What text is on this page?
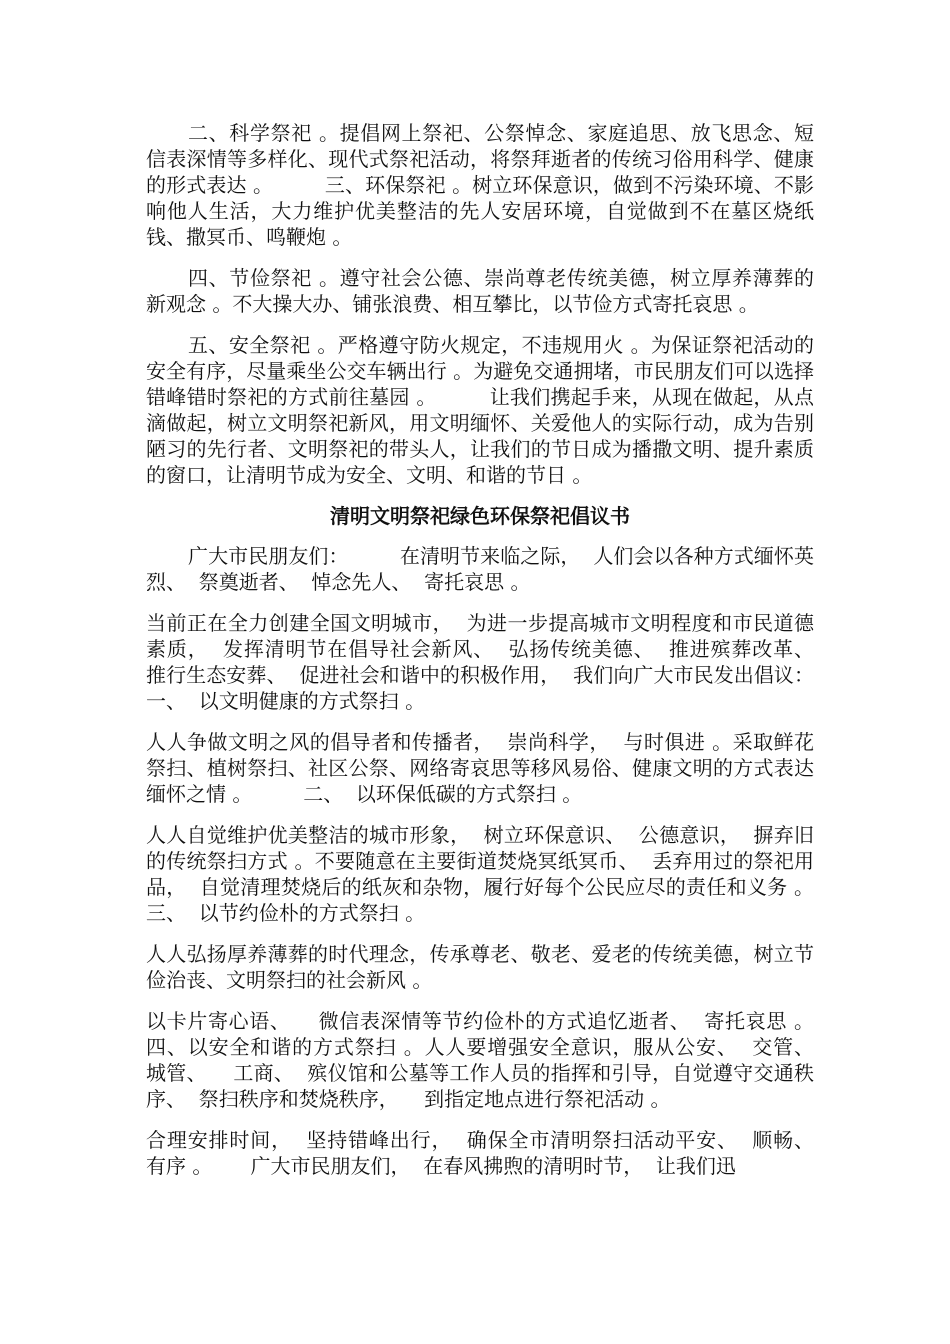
二、科学祭祀 。提倡网上祭祀、公祭悼念、家庭追思、放飞思念、短信表深情等多样化、现代式祭祀活动，将祭拜逝者的传统习俗用科学、健康的形式表达 。        三、环保祭祀 。树立环保意识，做到不污染环境、不影响他人生活，大力维护优美整洁的先人安居环境，自觉做到不在墓区烧纸钱、撒冥币、鸣鞭炮 。

四、节俭祭祀 。遵守社会公德、崇尚尊老传统美德，树立厚养薄葬的新观念 。不大操大办、铺张浪费、相互攀比，以节俭方式寄托哀思 。

五、安全祭祀 。严格遵守防火规定，不违规用火 。为保证祭祀活动的安全有序，尽量乘坐公交车辆出行 。为避免交通拥堵，市民朋友们可以选择错峰错时祭祀的方式前往墓园 。        让我们携起手来，从现在做起，从点滴做起，树立文明祭祀新风，用文明缅怀、关爱他人的实际行动，成为告别陋习的先行者、文明祭祀的带头人，让我们的节日成为播撒文明、提升素质的窗口，让清明节成为安全、文明、和谐的节日 。

清明文明祭祀绿色环保祭祀倡议书

广大市民朋友们：        在清明节来临之际，  人们会以各种方式缅怀英烈、  祭奠逝者、  悼念先人、  寄托哀思 。

当前正在全力创建全国文明城市，  为进一步提高城市文明程度和市民道德素质，  发挥清明节在倡导社会新风、  弘扬传统美德、  推进殡葬改革、  推行生态安葬、  促进社会和谐中的积极作用，  我们向广大市民发出倡议：        一、  以文明健康的方式祭扫 。

人人争做文明之风的倡导者和传播者，  崇尚科学，  与时俱进 。采取鲜花祭扫、植树祭扫、社区公祭、网络寄哀思等移风易俗、健康文明的方式表达缅怀之情 。        二、  以环保低碳的方式祭扫 。

人人自觉维护优美整洁的城市形象，  树立环保意识、  公德意识，  摒弃旧的传统祭扫方式 。不要随意在主要街道焚烧冥纸冥币、  丢弃用过的祭祀用品，  自觉清理焚烧后的纸灰和杂物，履行好每个公民应尽的责任和义务 。        三、  以节约俭朴的方式祭扫 。

人人弘扬厚养薄葬的时代理念，传承尊老、敬老、爱老的传统美德，树立节俭治丧、文明祭扫的社会新风 。

以卡片寄心语、    微信表深情等节约俭朴的方式追忆逝者、  寄托哀思 。      四、以安全和谐的方式祭扫 。人人要增强安全意识，服从公安、  交管、  城管、    工商、  殡仪馆和公墓等工作人员的指挥和引导，自觉遵守交通秩序、  祭扫秩序和焚烧秩序，    到指定地点进行祭祀活动 。

合理安排时间，  坚持错峰出行，  确保全市清明祭扫活动平安、  顺畅、   有序 。      广大市民朋友们，  在春风拂煦的清明时节，  让我们迅
